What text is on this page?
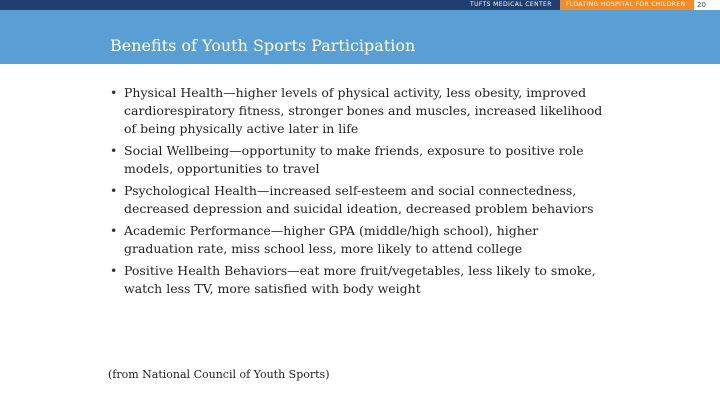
TUFTS MEDICAL CENTER FLOATING HOSPITAL FOR CHILDREN 20
Benefits of Youth Sports Participation
• Physical Health—higher levels of physical activity, less obesity, improved cardiorespiratory fitness, stronger bones and muscles, increased likelihood of being physically active later in life
• Social Wellbeing—opportunity to make friends, exposure to positive role models, opportunities to travel
• Psychological Health—increased self-esteem and social connectedness, decreased depression and suicidal ideation, decreased problem behaviors
• Academic Performance—higher GPA (middle/high school), higher graduation rate, miss school less, more likely to attend college
• Positive Health Behaviors—eat more fruit/vegetables, less likely to smoke, watch less TV, more satisfied with body weight
(from National Council of Youth Sports)
